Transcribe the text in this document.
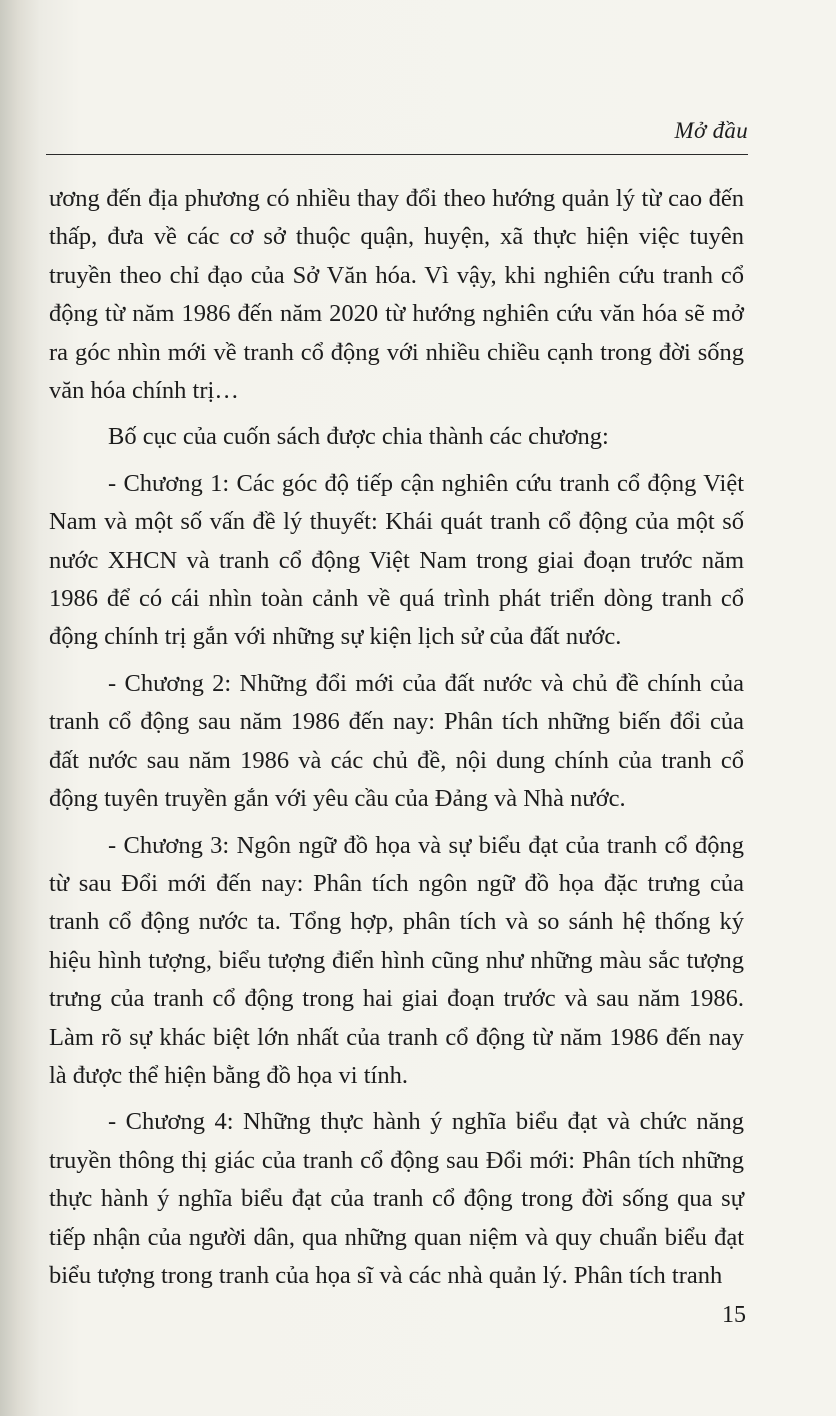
Mở đầu

ương đến địa phương có nhiều thay đổi theo hướng quản lý từ cao đến thấp, đưa về các cơ sở thuộc quận, huyện, xã thực hiện việc tuyên truyền theo chỉ đạo của Sở Văn hóa. Vì vậy, khi nghiên cứu tranh cổ động từ năm 1986 đến năm 2020 từ hướng nghiên cứu văn hóa sẽ mở ra góc nhìn mới về tranh cổ động với nhiều chiều cạnh trong đời sống văn hóa chính trị…

Bố cục của cuốn sách được chia thành các chương:

- Chương 1: Các góc độ tiếp cận nghiên cứu tranh cổ động Việt Nam và một số vấn đề lý thuyết: Khái quát tranh cổ động của một số nước XHCN và tranh cổ động Việt Nam trong giai đoạn trước năm 1986 để có cái nhìn toàn cảnh về quá trình phát triển dòng tranh cổ động chính trị gắn với những sự kiện lịch sử của đất nước.

- Chương 2: Những đổi mới của đất nước và chủ đề chính của tranh cổ động sau năm 1986 đến nay: Phân tích những biến đổi của đất nước sau năm 1986 và các chủ đề, nội dung chính của tranh cổ động tuyên truyền gắn với yêu cầu của Đảng và Nhà nước.

- Chương 3: Ngôn ngữ đồ họa và sự biểu đạt của tranh cổ động từ sau Đổi mới đến nay: Phân tích ngôn ngữ đồ họa đặc trưng của tranh cổ động nước ta. Tổng hợp, phân tích và so sánh hệ thống ký hiệu hình tượng, biểu tượng điển hình cũng như những màu sắc tượng trưng của tranh cổ động trong hai giai đoạn trước và sau năm 1986. Làm rõ sự khác biệt lớn nhất của tranh cổ động từ năm 1986 đến nay là được thể hiện bằng đồ họa vi tính.

- Chương 4: Những thực hành ý nghĩa biểu đạt và chức năng truyền thông thị giác của tranh cổ động sau Đổi mới: Phân tích những thực hành ý nghĩa biểu đạt của tranh cổ động trong đời sống qua sự tiếp nhận của người dân, qua những quan niệm và quy chuẩn biểu đạt biểu tượng trong tranh của họa sĩ và các nhà quản lý. Phân tích tranh

15
